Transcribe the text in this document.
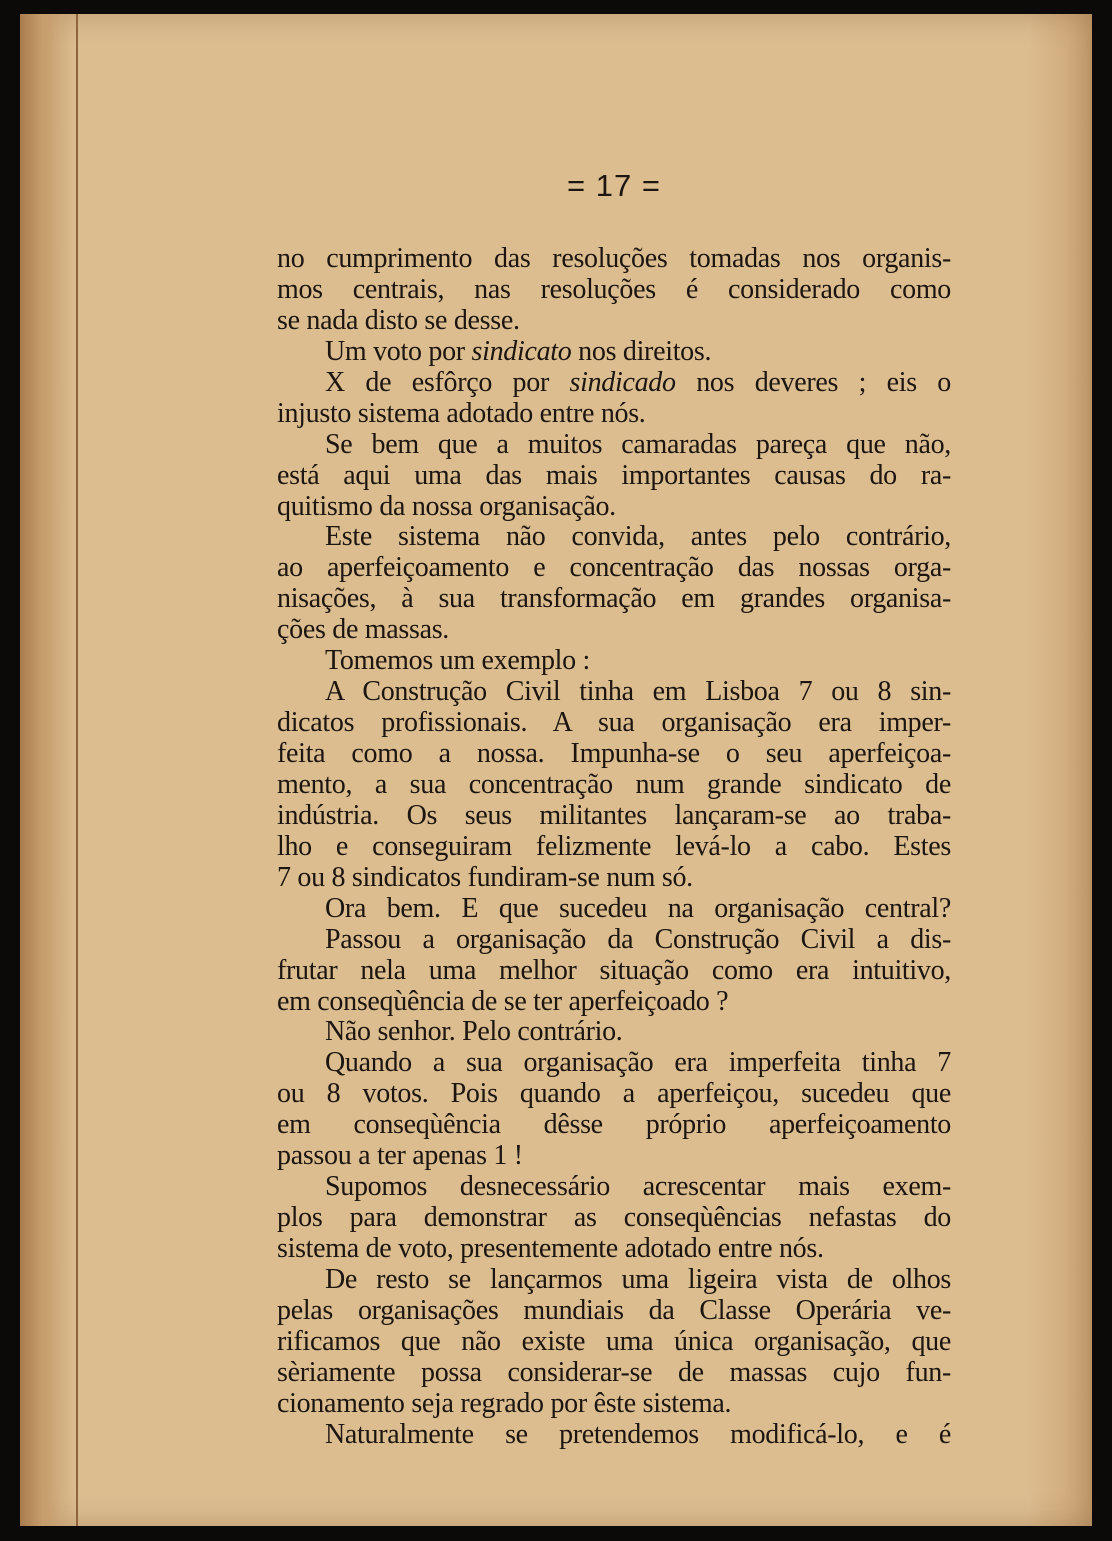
= 17 =
no cumprimento das resoluções tomadas nos organis-
mos centrais, nas resoluções é considerado como
se nada disto se desse.
Um voto por sindicato nos direitos.
X de esfôrço por sindicado nos deveres ; eis o
injusto sistema adotado entre nós.
Se bem que a muitos camaradas pareça que não,
está aqui uma das mais importantes causas do ra-
quitismo da nossa organisação.
Este sistema não convida, antes pelo contrário,
ao aperfeiçoamento e concentração das nossas orga-
nisações, à sua transformação em grandes organisa-
ções de massas.
Tomemos um exemplo :
A Construção Civil tinha em Lisboa 7 ou 8 sin-
dicatos profissionais. A sua organisação era imper-
feita como a nossa. Impunha-se o seu aperfeiçoa-
mento, a sua concentração num grande sindicato de
indústria. Os seus militantes lançaram-se ao traba-
lho e conseguiram felizmente levá-lo a cabo. Estes
7 ou 8 sindicatos fundiram-se num só.
Ora bem. E que sucedeu na organisação central?
Passou a organisação da Construção Civil a dis-
frutar nela uma melhor situação como era intuitivo,
em conseqùência de se ter aperfeiçoado ?
Não senhor. Pelo contrário.
Quando a sua organisação era imperfeita tinha 7
ou 8 votos. Pois quando a aperfeiçou, sucedeu que
em conseqùência dêsse próprio aperfeiçoamento
passou a ter apenas 1 !
Supomos desnecessário acrescentar mais exem-
plos para demonstrar as conseqùências nefastas do
sistema de voto, presentemente adotado entre nós.
De resto se lançarmos uma ligeira vista de olhos
pelas organisações mundiais da Classe Operária ve-
rificamos que não existe uma única organisação, que
sèriamente possa considerar-se de massas cujo fun-
cionamento seja regrado por êste sistema.
Naturalmente se pretendemos modificá-lo, e é
